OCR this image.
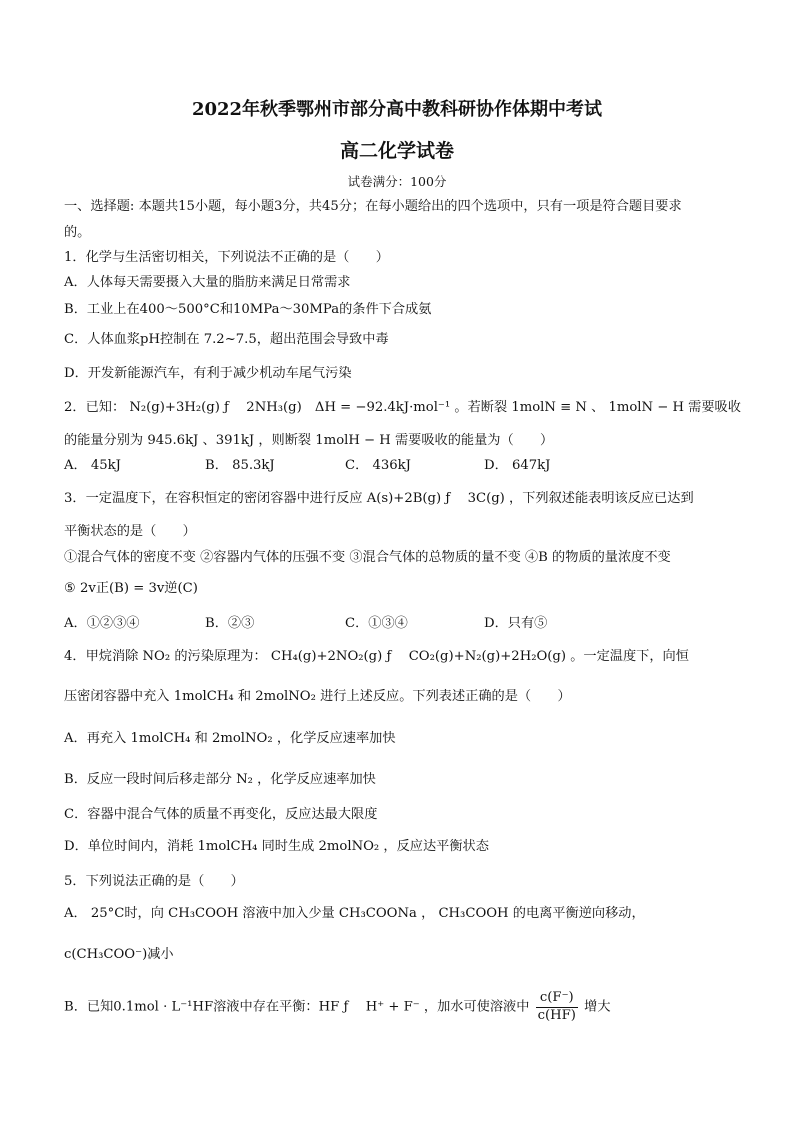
2022年秋季鄂州市部分高中教科研协作体期中考试
高二化学试卷
试卷满分：100分
一、选择题: 本题共15小题，每小题3分，共45分；在每小题给出的四个选项中，只有一项是符合题目要求
的。
1．化学与生活密切相关，下列说法不正确的是（　　）
A．人体每天需要摄入大量的脂肪来满足日常需求
B．工业上在400～500°C和10MPa～30MPa的条件下合成氨
C．人体血浆pH控制在 7.2~7.5，超出范围会导致中毒
D．开发新能源汽车，有利于减少机动车尾气污染
2．已知： N₂(g)+3H₂(g) ƒ 　2NH₃(g)　ΔH = −92.4kJ·mol⁻¹ 。若断裂 1molN ≡ N 、 1molN − H 需要吸收
的能量分别为 945.6kJ 、391kJ ，则断裂 1molH − H 需要吸收的能量为（　　）
A． 45kJ	B． 85.3kJ	C． 436kJ	D． 647kJ
3．一定温度下，在容积恒定的密闭容器中进行反应 A(s)+2B(g) ƒ 　3C(g) ，下列叙述能表明该反应已达到
平衡状态的是（　　）
①混合气体的密度不变 ②容器内气体的压强不变 ③混合气体的总物质的量不变 ④B 的物质的量浓度不变
⑤ 2v正(B) = 3v逆(C)
A．①②③④	B．②③	C．①③④	D．只有⑤
4．甲烷消除 NO₂ 的污染原理为： CH₄(g)+2NO₂(g) ƒ 　CO₂(g)+N₂(g)+2H₂O(g) 。一定温度下，向恒
压密闭容器中充入 1molCH₄ 和 2molNO₂ 进行上述反应。下列表述正确的是（　　）
A．再充入 1molCH₄ 和 2molNO₂ ，化学反应速率加快
B．反应一段时间后移走部分 N₂ ，化学反应速率加快
C．容器中混合气体的质量不再变化，反应达最大限度
D．单位时间内，消耗 1molCH₄ 同时生成 2molNO₂ ，反应达平衡状态
5．下列说法正确的是（　　）
A． 25°C时，向 CH₃COOH 溶液中加入少量 CH₃COONa ， CH₃COOH 的电离平衡逆向移动，
c(CH₃COO⁻)减小
B．已知0.1mol · L⁻¹HF溶液中存在平衡：HF ƒ 　H⁺ + F⁻ ，加水可使溶液中 $\frac{c(F^-)}{c(HF)}$ 增大
